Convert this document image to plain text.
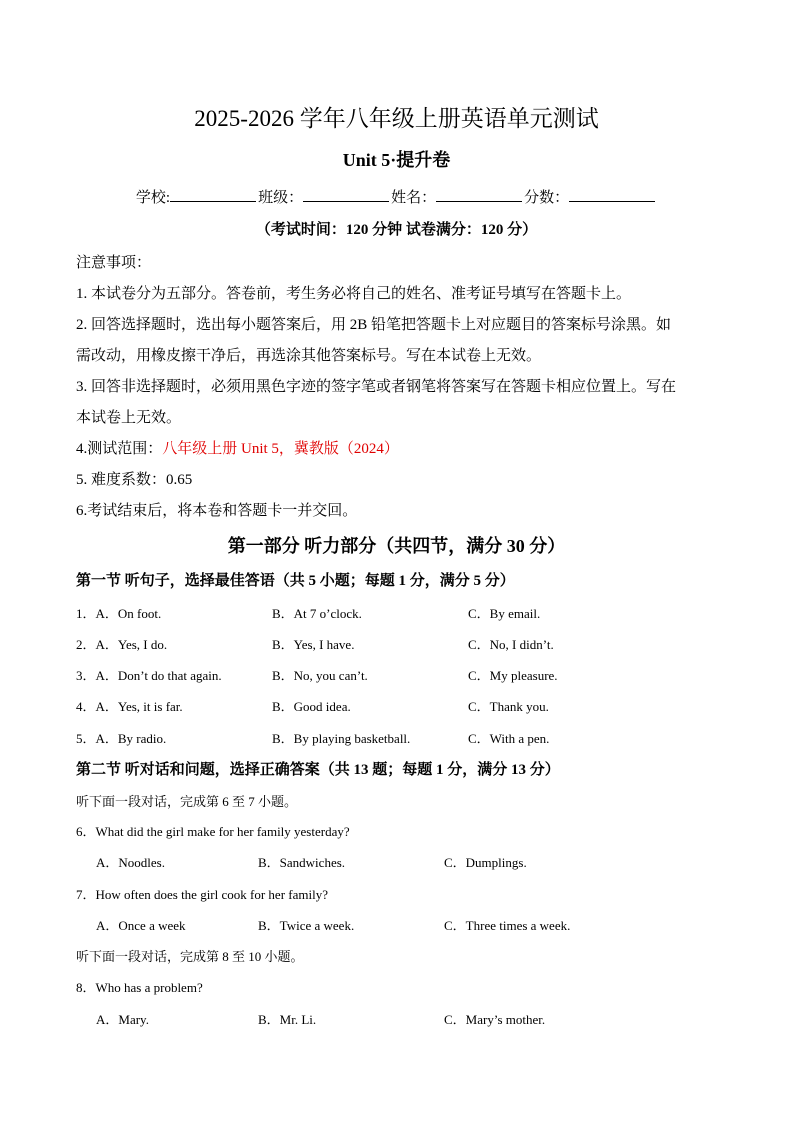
2025-2026 学年八年级上册英语单元测试
Unit 5·提升卷
学校:	班级：	姓名：	分数：
（考试时间：120 分钟 试卷满分：120 分）

注意事项：

1. 本试卷分为五部分。答卷前，考生务必将自己的姓名、准考证号填写在答题卡上。

2. 回答选择题时，选出每小题答案后，用 2B 铅笔把答题卡上对应题目的答案标号涂黑。如

需改动，用橡皮擦干净后，再选涂其他答案标号。写在本试卷上无效。

3. 回答非选择题时，必须用黑色字迹的签字笔或者钢笔将答案写在答题卡相应位置上。写在

本试卷上无效。

4.测试范围：八年级上册 Unit 5，冀教版（2024）

5. 难度系数：0.65

6.考试结束后，将本卷和答题卡一并交回。

第一部分 听力部分（共四节，满分 30 分）
第一节 听句子，选择最佳答语（共 5 小题；每题 1 分，满分 5 分）
1．A．On foot.	B．At 7 o’clock.	C．By email.
2．A．Yes, I do.	B．Yes, I have.	C．No, I didn’t.
3．A．Don’t do that again.	B．No, you can’t.	C．My pleasure.
4．A．Yes, it is far.	B．Good idea.	C．Thank you.
5．A．By radio.	B．By playing basketball.	C．With a pen.
第二节 听对话和问题，选择正确答案（共 13 题；每题 1 分，满分 13 分）
听下面一段对话，完成第 6 至 7 小题。
6．What did the girl make for her family yesterday?
A．Noodles.	B．Sandwiches.	C．Dumplings.
7．How often does the girl cook for her family?
A．Once a week	B．Twice a week.	C．Three times a week.
听下面一段对话，完成第 8 至 10 小题。
8．Who has a problem?
A．Mary.	B．Mr. Li.	C．Mary’s mother.
